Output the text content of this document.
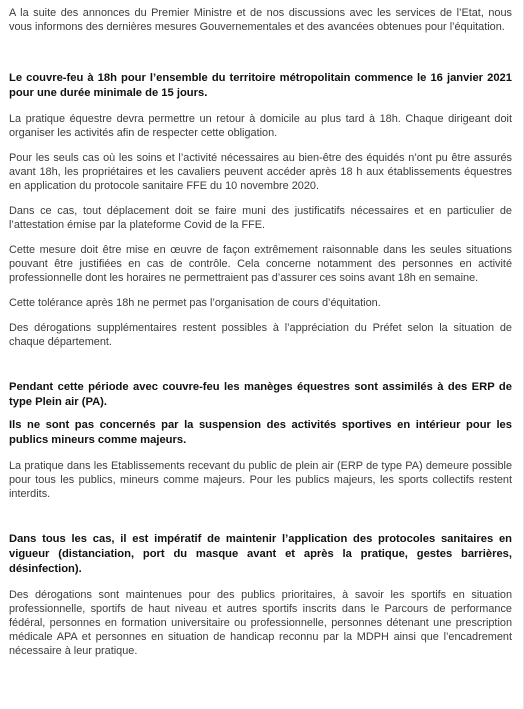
A la suite des annonces du Premier Ministre et de nos discussions avec les services de l’Etat, nous vous informons des dernières mesures Gouvernementales et des avancées obtenues pour l’équitation.

Le couvre-feu à 18h pour l’ensemble du territoire métropolitain commence le 16 janvier 2021 pour une durée minimale de 15 jours.

La pratique équestre devra permettre un retour à domicile au plus tard à 18h. Chaque dirigeant doit organiser les activités afin de respecter cette obligation.

Pour les seuls cas où les soins et l’activité nécessaires au bien-être des équidés n’ont pu être assurés avant 18h, les propriétaires et les cavaliers peuvent accéder après 18 h aux établissements équestres en application du protocole sanitaire FFE du 10 novembre 2020.

Dans ce cas, tout déplacement doit se faire muni des justificatifs nécessaires et en particulier de l’attestation émise par la plateforme Covid de la FFE.

Cette mesure doit être mise en œuvre de façon extrêmement raisonnable dans les seules situations pouvant être justifiées en cas de contrôle. Cela concerne notamment des personnes en activité professionnelle dont les horaires ne permettraient pas d’assurer ces soins avant 18h en semaine.

Cette tolérance après 18h ne permet pas l’organisation de cours d’équitation.

Des dérogations supplémentaires restent possibles à l’appréciation du Préfet selon la situation de chaque département.

Pendant cette période avec couvre-feu les manèges équestres sont assimilés à des ERP de type Plein air (PA).

Ils ne sont pas concernés par la suspension des activités sportives en intérieur pour les publics mineurs comme majeurs.

La pratique dans les Etablissements recevant du public de plein air (ERP de type PA) demeure possible pour tous les publics, mineurs comme majeurs. Pour les publics majeurs, les sports collectifs restent interdits.

Dans tous les cas, il est impératif de maintenir l’application des protocoles sanitaires en vigueur (distanciation, port du masque avant et après la pratique, gestes barrières, désinfection).

Des dérogations sont maintenues pour des publics prioritaires, à savoir les sportifs en situation professionnelle, sportifs de haut niveau et autres sportifs inscrits dans le Parcours de performance fédéral, personnes en formation universitaire ou professionnelle, personnes détenant une prescription médicale APA et personnes en situation de handicap reconnu par la MDPH ainsi que l’encadrement nécessaire à leur pratique.
